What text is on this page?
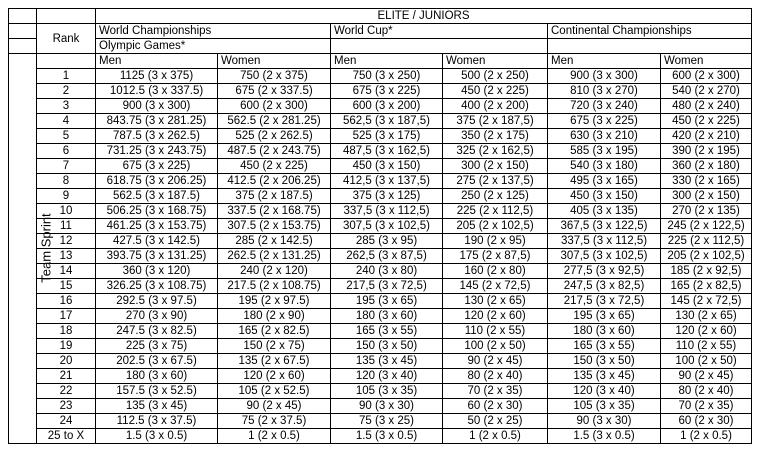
		ELITE / JUNIORS					
	Rank	World Championships		World Cup*		Continental Championships	
		Olympic Games*					
Team Sprint		Men	Women	Men	Women	Men	Women
	1	1125 (3 x 375)	750 (2 x 375)	750 (3 x 250)	500 (2 x 250)	900 (3 x 300)	600 (2 x 300)
	2	1012.5 (3 x 337.5)	675 (2 x 337.5)	675 (3 x 225)	450 (2 x 225)	810 (3 x 270)	540 (2 x 270)
	3	900 (3 x 300)	600 (2 x 300)	600 (3 x 200)	400 (2 x 200)	720 (3 x 240)	480 (2 x 240)
	4	843.75 (3 x 281.25)	562.5 (2 x 281.25)	562,5 (3 x 187,5)	375 (2 x 187,5)	675 (3 x 225)	450 (2 x 225)
	5	787.5 (3 x 262.5)	525 (2 x 262.5)	525 (3 x 175)	350 (2 x 175)	630 (3 x 210)	420 (2 x 210)
	6	731.25 (3 x 243.75)	487.5 (2 x 243.75)	487,5 (3 x 162,5)	325 (2 x 162,5)	585 (3 x 195)	390 (2 x 195)
	7	675 (3 x 225)	450 (2 x 225)	450 (3 x 150)	300 (2 x 150)	540 (3 x 180)	360 (2 x 180)
	8	618.75 (3 x 206.25)	412.5 (2 x 206.25)	412,5 (3 x 137,5)	275 (2 x 137,5)	495 (3 x 165)	330 (2 x 165)
	9	562.5 (3 x 187.5)	375 (2 x 187.5)	375 (3 x 125)	250 (2 x 125)	450 (3 x 150)	300 (2 x 150)
	10	506.25 (3 x 168.75)	337.5 (2 x 168.75)	337,5 (3 x 112,5)	225 (2 x 112,5)	405 (3 x 135)	270 (2 x 135)
	11	461.25 (3 x 153.75)	307.5 (2 x 153.75)	307,5 (3 x 102,5)	205 (2 x 102,5)	367,5 (3 x 122,5)	245 (2 x 122,5)
	12	427.5 (3 x 142.5)	285 (2 x 142.5)	285 (3 x 95)	190 (2 x 95)	337,5 (3 x 112,5)	225 (2 x 112,5)
	13	393.75 (3 x 131.25)	262.5 (2 x 131.25)	262,5 (3 x 87,5)	175 (2 x 87,5)	307,5 (3 x 102,5)	205 (2 x 102,5)
	14	360 (3 x 120)	240 (2 x 120)	240 (3 x 80)	160 (2 x 80)	277,5 (3 x 92,5)	185 (2 x 92,5)
	15	326.25 (3 x 108.75)	217.5 (2 x 108.75)	217,5 (3 x 72,5)	145 (2 x 72,5)	247,5 (3 x 82,5)	165 (2 x 82,5)
	16	292.5 (3 x 97.5)	195 (2 x 97.5)	195 (3 x 65)	130 (2 x 65)	217,5 (3 x 72,5)	145 (2 x 72,5)
	17	270 (3 x 90)	180 (2 x 90)	180 (3 x 60)	120 (2 x 60)	195 (3 x 65)	130 (2 x 65)
	18	247.5 (3 x 82.5)	165 (2 x 82.5)	165 (3 x 55)	110 (2 x 55)	180 (3 x 60)	120 (2 x 60)
	19	225 (3 x 75)	150 (2 x 75)	150 (3 x 50)	100 (2 x 50)	165 (3 x 55)	110 (2 x 55)
	20	202.5 (3 x 67.5)	135 (2 x 67.5)	135 (3 x 45)	90 (2 x 45)	150 (3 x 50)	100 (2 x 50)
	21	180 (3 x 60)	120 (2 x 60)	120 (3 x 40)	80 (2 x 40)	135 (3 x 45)	90 (2 x 45)
	22	157.5 (3 x 52.5)	105 (2 x 52.5)	105 (3 x 35)	70 (2 x 35)	120 (3 x 40)	80 (2 x 40)
	23	135 (3 x 45)	90 (2 x 45)	90 (3 x 30)	60 (2 x 30)	105 (3 x 35)	70 (2 x 35)
	24	112.5 (3 x 37.5)	75 (2 x 37.5)	75 (3 x 25)	50 (2 x 25)	90 (3 x 30)	60 (2 x 30)
	25 to X	1.5 (3 x 0.5)	1 (2 x 0.5)	1.5 (3 x 0.5)	1 (2 x 0.5)	1.5 (3 x 0.5)	1 (2 x 0.5)
